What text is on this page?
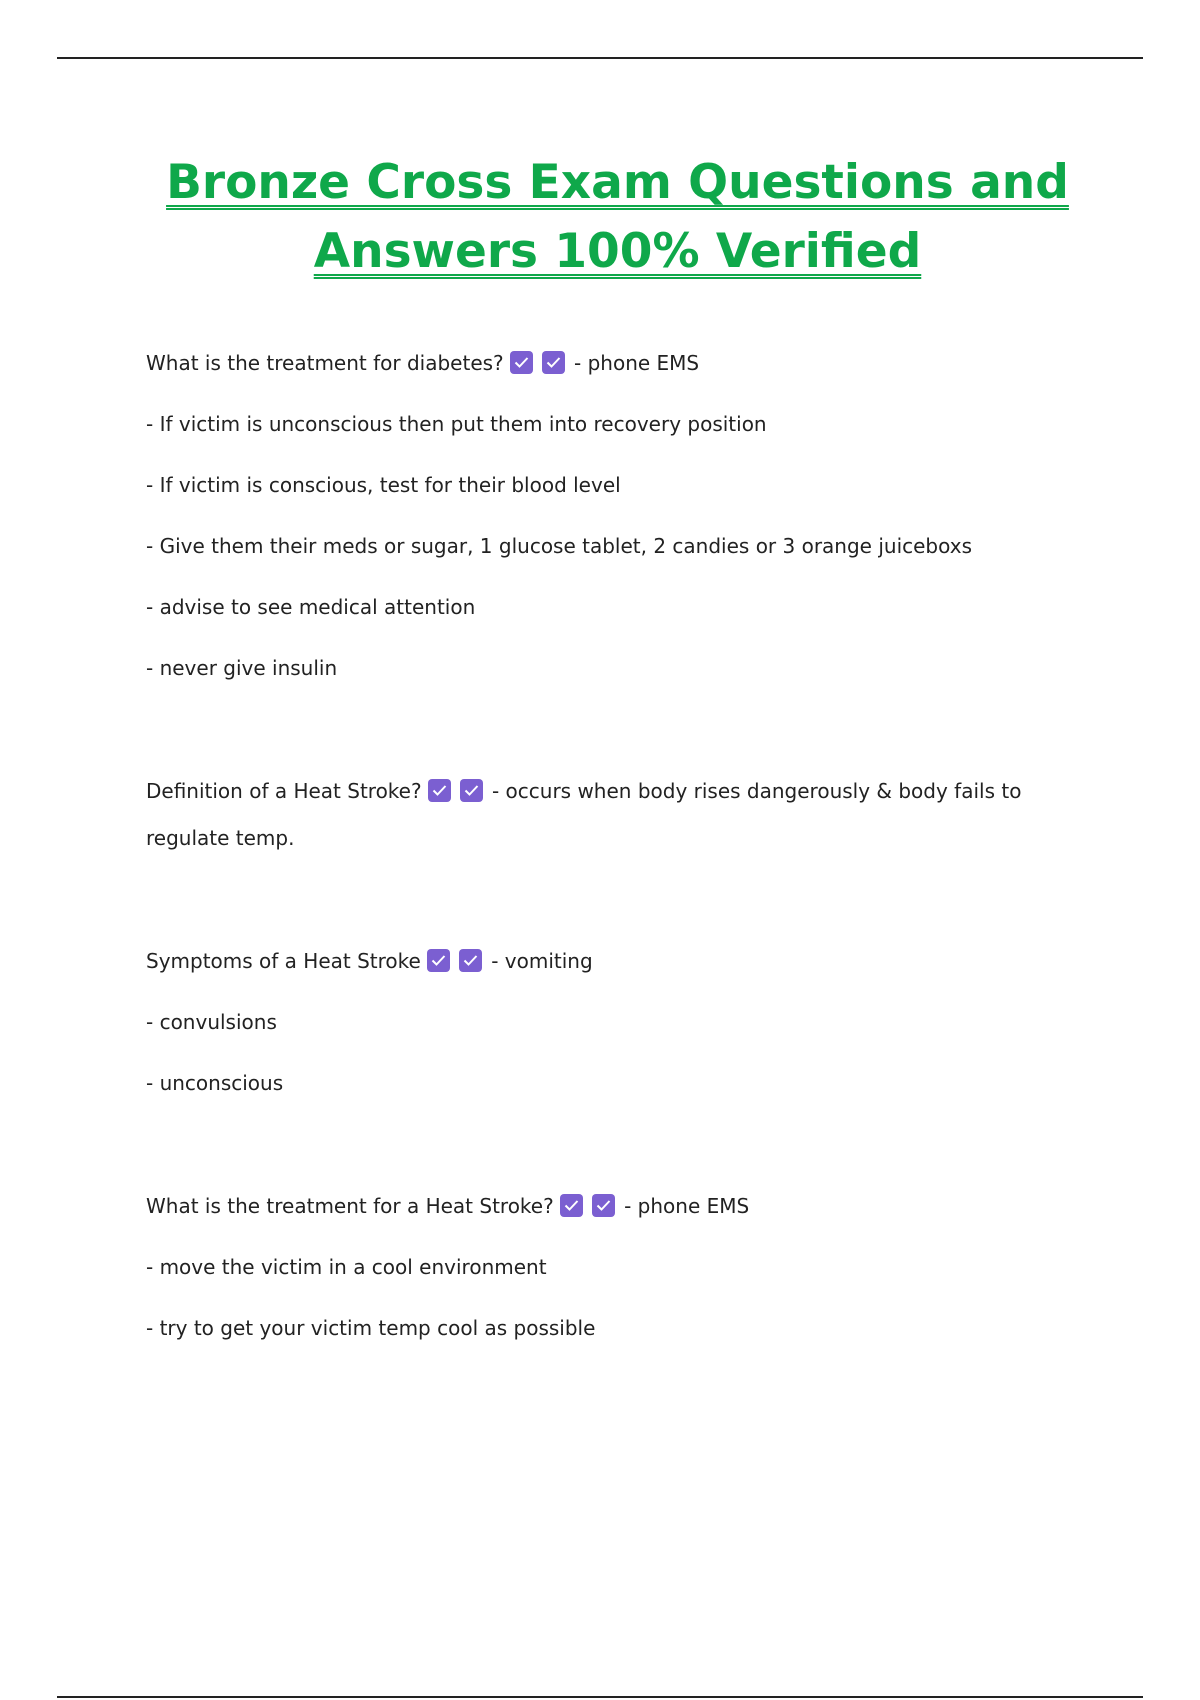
Bronze Cross Exam Questions and
Answers 100% Verified

What is the treatment for diabetes?	- phone EMS

- If victim is unconscious then put them into recovery position

- If victim is conscious, test for their blood level

- Give them their meds or sugar, 1 glucose tablet, 2 candies or 3 orange juiceboxs

- advise to see medical attention

- never give insulin

Definition of a Heat Stroke?	- occurs when body rises dangerously & body fails to regulate temp.

Symptoms of a Heat Stroke	- vomiting

- convulsions

- unconscious

What is the treatment for a Heat Stroke?	- phone EMS

- move the victim in a cool environment

- try to get your victim temp cool as possible
